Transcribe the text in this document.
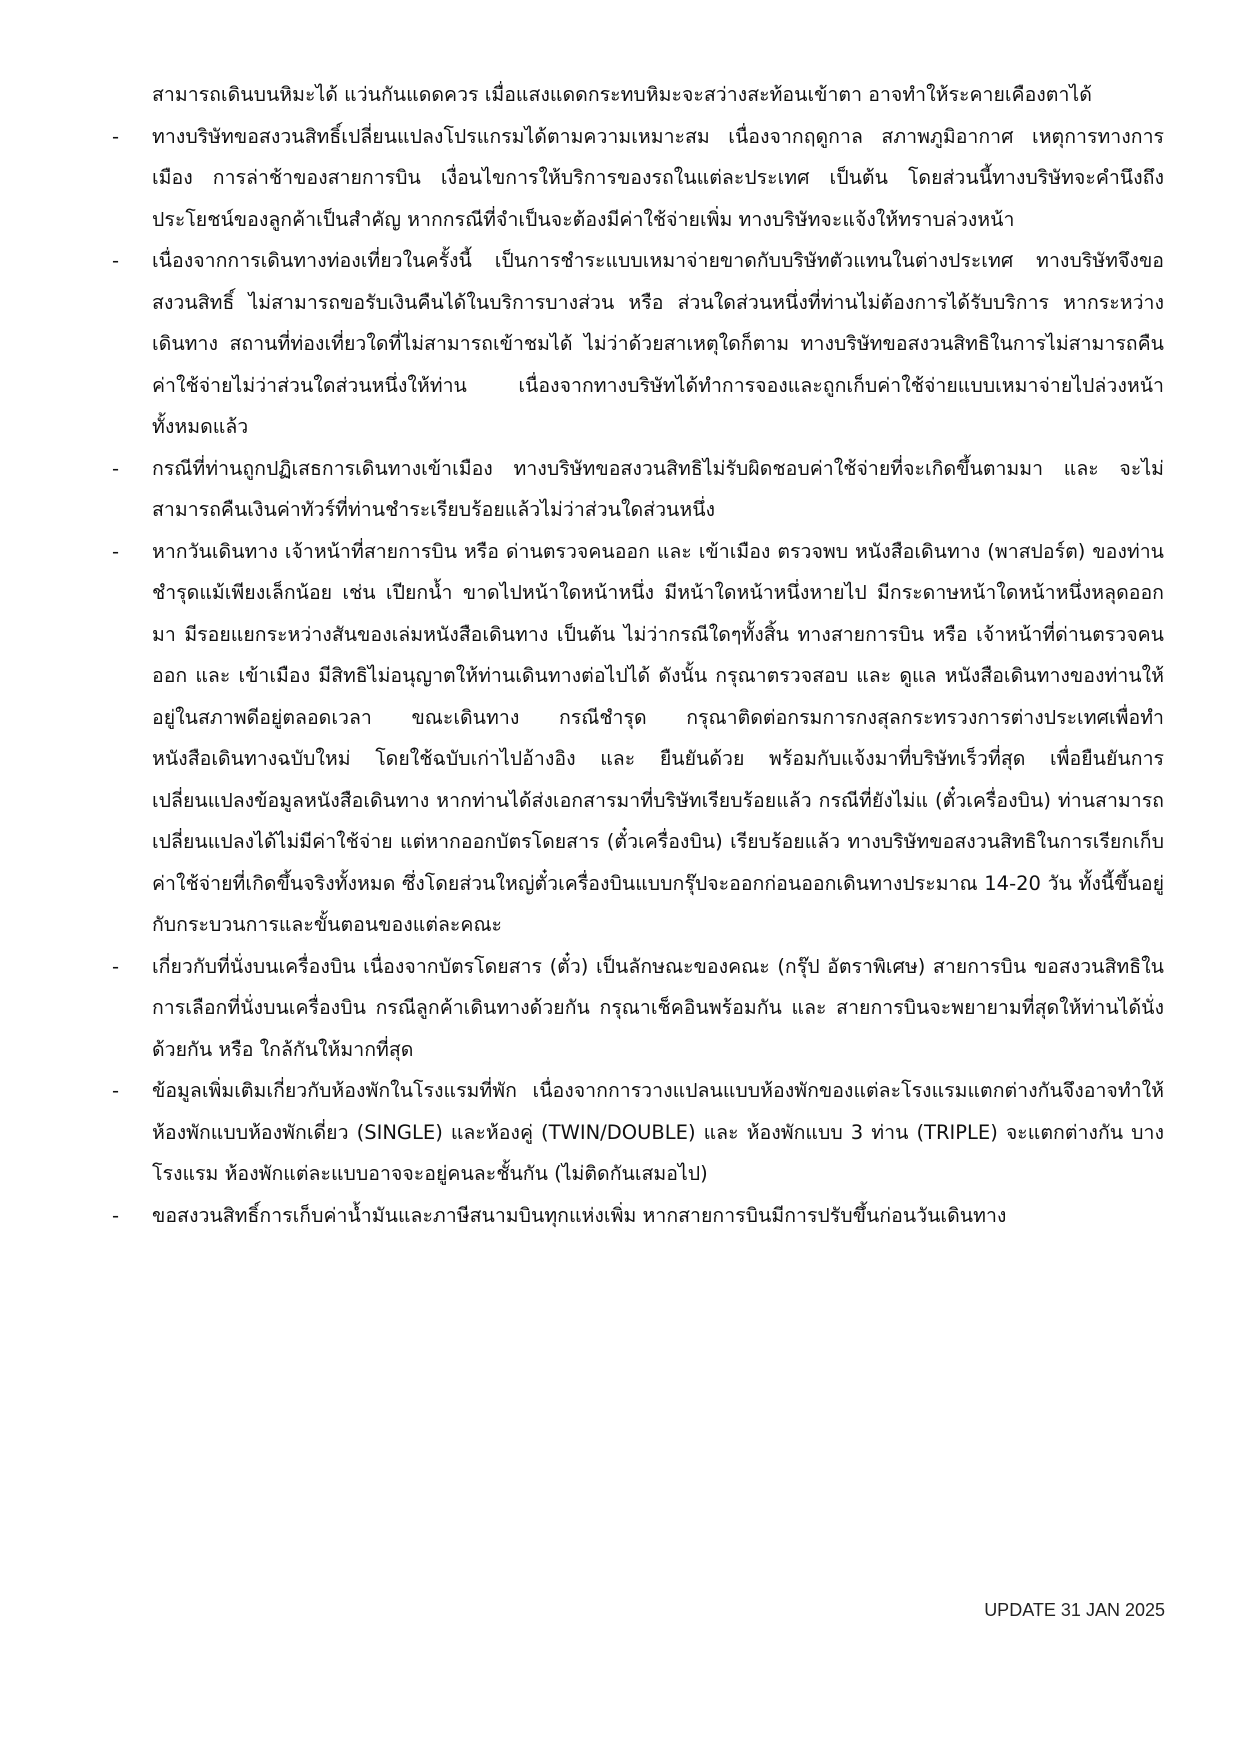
สามารถเดินบนหิมะได้ แว่นกันแดดควร เมื่อแสงแดดกระทบหิมะจะสว่างสะท้อนเข้าตา อาจทำให้ระคายเคืองตาได้

- ทางบริษัทขอสงวนสิทธิ์เปลี่ยนแปลงโปรแกรมได้ตามความเหมาะสม เนื่องจากฤดูกาล สภาพภูมิอากาศ เหตุการทางการเมือง การล่าช้าของสายการบิน เงื่อนไขการให้บริการของรถในแต่ละประเทศ เป็นต้น โดยส่วนนี้ทางบริษัทจะคำนึงถึงประโยชน์ของลูกค้าเป็นสำคัญ หากกรณีที่จำเป็นจะต้องมีค่าใช้จ่ายเพิ่ม ทางบริษัทจะแจ้งให้ทราบล่วงหน้า

- เนื่องจากการเดินทางท่องเที่ยวในครั้งนี้ เป็นการชำระแบบเหมาจ่ายขาดกับบริษัทตัวแทนในต่างประเทศ ทางบริษัทจึงขอสงวนสิทธิ์ ไม่สามารถขอรับเงินคืนได้ในบริการบางส่วน หรือ ส่วนใดส่วนหนึ่งที่ท่านไม่ต้องการได้รับบริการ หากระหว่างเดินทาง สถานที่ท่องเที่ยวใดที่ไม่สามารถเข้าชมได้ ไม่ว่าด้วยสาเหตุใดก็ตาม ทางบริษัทขอสงวนสิทธิในการไม่สามารถคืนค่าใช้จ่ายไม่ว่าส่วนใดส่วนหนึ่งให้ท่าน เนื่องจากทางบริษัทได้ทำการจองและถูกเก็บค่าใช้จ่ายแบบเหมาจ่ายไปล่วงหน้าทั้งหมดแล้ว

- กรณีที่ท่านถูกปฏิเสธการเดินทางเข้าเมือง ทางบริษัทขอสงวนสิทธิไม่รับผิดชอบค่าใช้จ่ายที่จะเกิดขึ้นตามมา และ จะไม่สามารถคืนเงินค่าทัวร์ที่ท่านชำระเรียบร้อยแล้วไม่ว่าส่วนใดส่วนหนึ่ง

- หากวันเดินทาง เจ้าหน้าที่สายการบิน หรือ ด่านตรวจคนออก และ เข้าเมือง ตรวจพบ หนังสือเดินทาง (พาสปอร์ต) ของท่านชำรุดแม้เพียงเล็กน้อย เช่น เปียกน้ำ ขาดไปหน้าใดหน้าหนึ่ง มีหน้าใดหน้าหนึ่งหายไป มีกระดาษหน้าใดหน้าหนึ่งหลุดออกมา มีรอยแยกระหว่างสันของเล่มหนังสือเดินทาง เป็นต้น ไม่ว่ากรณีใดๆทั้งสิ้น ทางสายการบิน หรือ เจ้าหน้าที่ด่านตรวจคนออก และ เข้าเมือง มีสิทธิไม่อนุญาตให้ท่านเดินทางต่อไปได้ ดังนั้น กรุณาตรวจสอบ และ ดูแล หนังสือเดินทางของท่านให้อยู่ในสภาพดีอยู่ตลอดเวลา ขณะเดินทาง กรณีชำรุด กรุณาติดต่อกรมการกงสุลกระทรวงการต่างประเทศเพื่อทำหนังสือเดินทางฉบับใหม่ โดยใช้ฉบับเก่าไปอ้างอิง และ ยืนยันด้วย พร้อมกับแจ้งมาที่บริษัทเร็วที่สุด เพื่อยืนยันการเปลี่ยนแปลงข้อมูลหนังสือเดินทาง หากท่านได้ส่งเอกสารมาที่บริษัทเรียบร้อยแล้ว กรณีที่ยังไม่แ (ตั๋วเครื่องบิน) ท่านสามารถเปลี่ยนแปลงได้ไม่มีค่าใช้จ่าย แต่หากออกบัตรโดยสาร (ตั๋วเครื่องบิน) เรียบร้อยแล้ว ทางบริษัทขอสงวนสิทธิในการเรียกเก็บค่าใช้จ่ายที่เกิดขึ้นจริงทั้งหมด ซึ่งโดยส่วนใหญ่ตั๋วเครื่องบินแบบกรุ๊ปจะออกก่อนออกเดินทางประมาณ 14-20 วัน ทั้งนี้ขึ้นอยู่กับกระบวนการและขั้นตอนของแต่ละคณะ

- เกี่ยวกับที่นั่งบนเครื่องบิน เนื่องจากบัตรโดยสาร (ตั๋ว) เป็นลักษณะของคณะ (กรุ๊ป อัตราพิเศษ) สายการบิน ขอสงวนสิทธิในการเลือกที่นั่งบนเครื่องบิน กรณีลูกค้าเดินทางด้วยกัน กรุณาเช็คอินพร้อมกัน และ สายการบินจะพยายามที่สุดให้ท่านได้นั่งด้วยกัน หรือ ใกล้กันให้มากที่สุด

- ข้อมูลเพิ่มเติมเกี่ยวกับห้องพักในโรงแรมที่พัก เนื่องจากการวางแปลนแบบห้องพักของแต่ละโรงแรมแตกต่างกันจึงอาจทำให้ห้องพักแบบห้องพักเดี่ยว (SINGLE) และห้องคู่ (TWIN/DOUBLE) และ ห้องพักแบบ 3 ท่าน (TRIPLE) จะแตกต่างกัน บางโรงแรม ห้องพักแต่ละแบบอาจจะอยู่คนละชั้นกัน (ไม่ติดกันเสมอไป)

- ขอสงวนสิทธิ์การเก็บค่าน้ำมันและภาษีสนามบินทุกแห่งเพิ่ม หากสายการบินมีการปรับขึ้นก่อนวันเดินทาง

UPDATE 31 JAN 2025
